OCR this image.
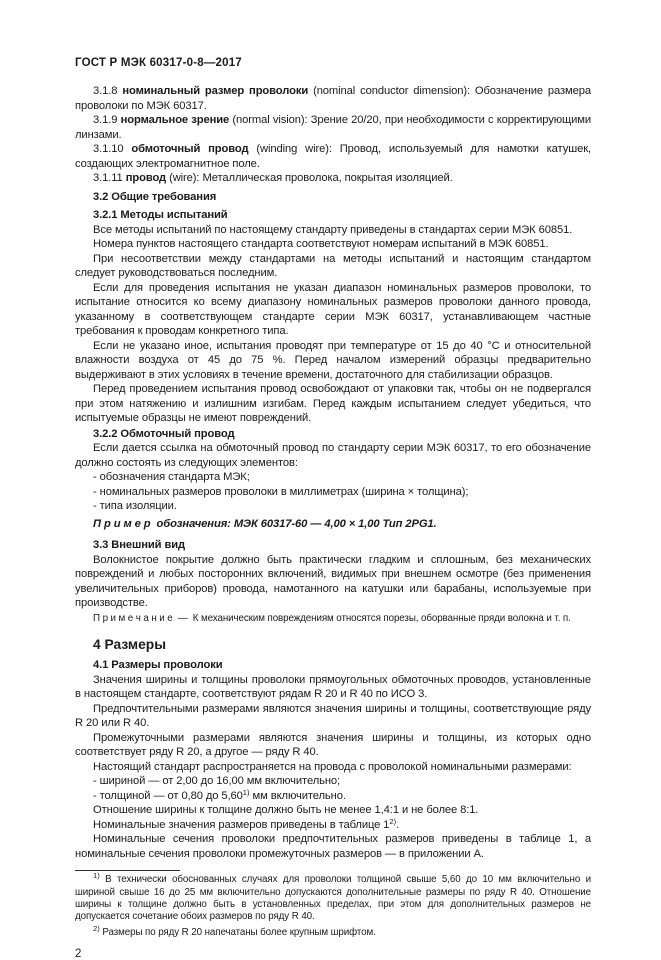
ГОСТ Р МЭК 60317-0-8—2017

3.1.8 номинальный размер проволоки (nominal conductor dimension): Обозначение размера проволоки по МЭК 60317.

3.1.9 нормальное зрение (normal vision): Зрение 20/20, при необходимости с корректирующими линзами.

3.1.10 обмоточный провод (winding wire): Провод, используемый для намотки катушек, создающих электромагнитное поле.

3.1.11 провод (wire): Металлическая проволока, покрытая изоляцией.

3.2 Общие требования

3.2.1 Методы испытаний

Все методы испытаний по настоящему стандарту приведены в стандартах серии МЭК 60851.

Номера пунктов настоящего стандарта соответствуют номерам испытаний в МЭК 60851.

При несоответствии между стандартами на методы испытаний и настоящим стандартом следует руководствоваться последним.

Если для проведения испытания не указан диапазон номинальных размеров проволоки, то испытание относится ко всему диапазону номинальных размеров проволоки данного провода, указанному в соответствующем стандарте серии МЭК 60317, устанавливающем частные требования к проводам конкретного типа.

Если не указано иное, испытания проводят при температуре от 15 до 40 °С и относительной влажности воздуха от 45 до 75 %. Перед началом измерений образцы предварительно выдерживают в этих условиях в течение времени, достаточного для стабилизации образцов.

Перед проведением испытания провод освобождают от упаковки так, чтобы он не подвергался при этом натяжению и излишним изгибам. Перед каждым испытанием следует убедиться, что испытуемые образцы не имеют повреждений.

3.2.2 Обмоточный провод

Если дается ссылка на обмоточный провод по стандарту серии МЭК 60317, то его обозначение должно состоять из следующих элементов:

- обозначения стандарта МЭК;

- номинальных размеров проволоки в миллиметрах (ширина × толщина);

- типа изоляции.

П р и м е р  обозначения: МЭК 60317-60 — 4,00 × 1,00 Тип 2PG1.

3.3 Внешний вид

Волокнистое покрытие должно быть практически гладким и сплошным, без механических повреждений и любых посторонних включений, видимых при внешнем осмотре (без применения увеличительных приборов) провода, намотанного на катушки или барабаны, используемые при производстве.

П р и м е ч а н и е  —  К механическим повреждениям относятся порезы, оборванные пряди волокна и т. п.

4 Размеры

4.1 Размеры проволоки

Значения ширины и толщины проволоки прямоугольных обмоточных проводов, установленные в настоящем стандарте, соответствуют рядам R 20 и R 40 по ИСО 3.

Предпочтительными размерами являются значения ширины и толщины, соответствующие ряду R 20 или R 40.

Промежуточными размерами являются значения ширины и толщины, из которых одно соответствует ряду R 20, а другое — ряду R 40.

Настоящий стандарт распространяется на провода с проволокой номинальными размерами:

- шириной — от 2,00 до 16,00 мм включительно;

- толщиной — от 0,80 до 5,60$^{1)}$ мм включительно.

Отношение ширины к толщине должно быть не менее 1,4:1 и не более 8:1.

Номинальные значения размеров приведены в таблице 1$^{2)}$.

Номинальные сечения проволоки предпочтительных размеров приведены в таблице 1, а номинальные сечения проволоки промежуточных размеров — в приложении А.

$^{1)}$ В технически обоснованных случаях для проволоки толщиной свыше 5,60 до 10 мм включительно и шириной свыше 16 до 25 мм включительно допускаются дополнительные размеры по ряду R 40. Отношение ширины к толщине должно быть в установленных пределах, при этом для дополнительных размеров не допускается сочетание обоих размеров по ряду R 40.

$^{2)}$ Размеры по ряду R 20 напечатаны более крупным шрифтом.

2
